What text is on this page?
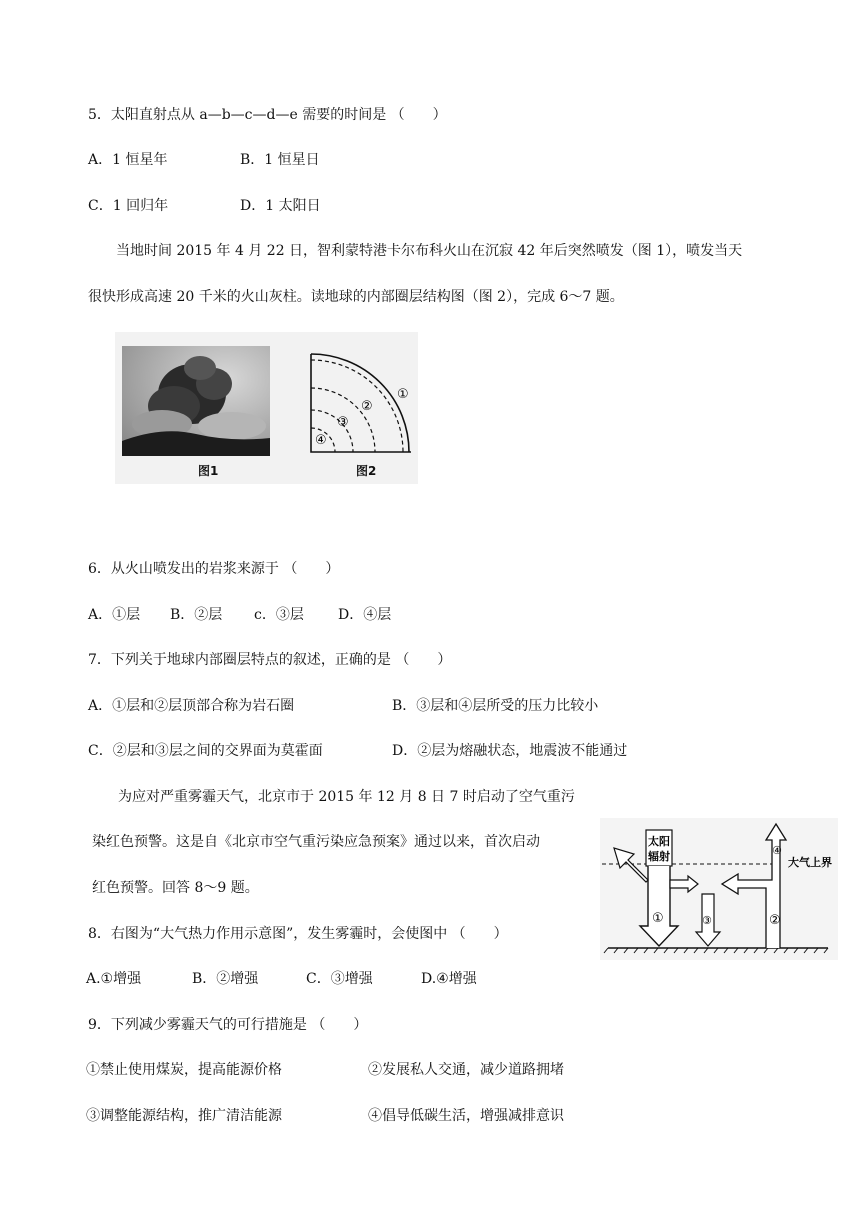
5．太阳直射点从 a—b—c—d—e 需要的时间是 （　　）
A．1 恒星年	B．1 恒星日
C．1 回归年	D．1 太阳日
当地时间 2015 年 4 月 22 日，智利蒙特港卡尔布科火山在沉寂 42 年后突然喷发（图 1），喷发当天
很快形成高速 20 千米的火山灰柱。读地球的内部圈层结构图（图 2），完成 6～7 题。
图1
①
②
③
④
图2
6．从火山喷发出的岩浆来源于 （　　）
A．①层 B．②层 c．③层 D．④层
7．下列关于地球内部圈层特点的叙述，正确的是 （　　）
A．①层和②层顶部合称为岩石圈	B．③层和④层所受的压力比较小
C．②层和③层之间的交界面为莫霍面	D．②层为熔融状态，地震波不能通过
为应对严重雾霾天气，北京市于 2015 年 12 月 8 日 7 时启动了空气重污
染红色预警。这是自《北京市空气重污染应急预案》通过以来，首次启动
红色预警。回答 8～9 题。
太阳
辐射
①	③	②
④
大气上界
8．右图为“大气热力作用示意图”，发生雾霾时，会使图中 （　　）
A.①增强	B．②增强	C．③增强	D.④增强
9．下列减少雾霾天气的可行措施是 （　　）
①禁止使用煤炭，提高能源价格	②发展私人交通，减少道路拥堵
③调整能源结构，推广清洁能源	④倡导低碳生活，增强减排意识
